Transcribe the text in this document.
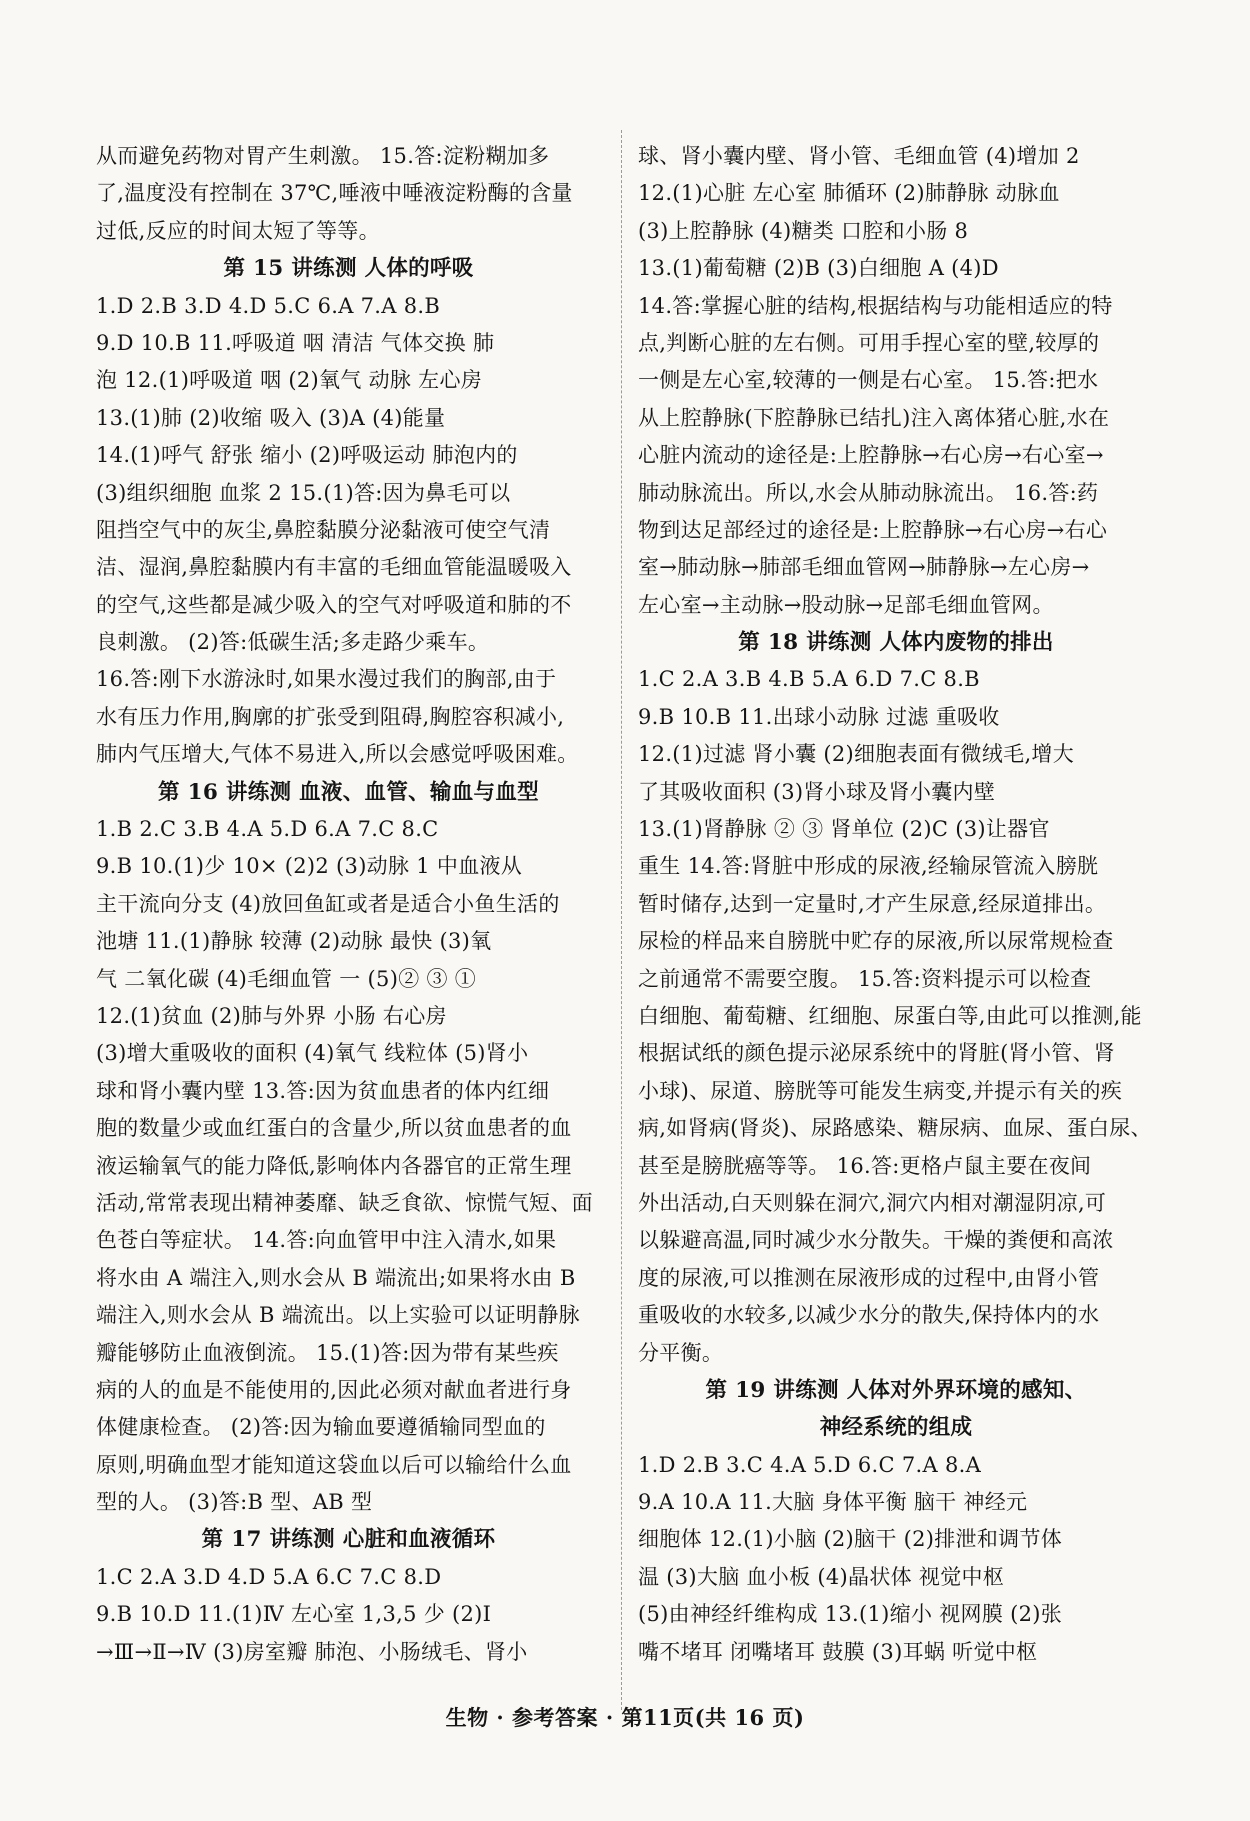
从而避免药物对胃产生刺激。 15.答:淀粉糊加多
了,温度没有控制在 37℃,唾液中唾液淀粉酶的含量
过低,反应的时间太短了等等。
第 15 讲练测 人体的呼吸
1.D 2.B 3.D 4.D 5.C 6.A 7.A 8.B
9.D 10.B 11.呼吸道 咽 清洁 气体交换 肺
泡 12.(1)呼吸道 咽 (2)氧气 动脉 左心房
13.(1)肺 (2)收缩 吸入 (3)A (4)能量
14.(1)呼气 舒张 缩小 (2)呼吸运动 肺泡内的
(3)组织细胞 血浆 2 15.(1)答:因为鼻毛可以
阻挡空气中的灰尘,鼻腔黏膜分泌黏液可使空气清
洁、湿润,鼻腔黏膜内有丰富的毛细血管能温暖吸入
的空气,这些都是减少吸入的空气对呼吸道和肺的不
良刺激。 (2)答:低碳生活;多走路少乘车。
16.答:刚下水游泳时,如果水漫过我们的胸部,由于
水有压力作用,胸廓的扩张受到阻碍,胸腔容积减小,
肺内气压增大,气体不易进入,所以会感觉呼吸困难。
第 16 讲练测 血液、血管、输血与血型
1.B 2.C 3.B 4.A 5.D 6.A 7.C 8.C
9.B 10.(1)少 10× (2)2 (3)动脉 1 中血液从
主干流向分支 (4)放回鱼缸或者是适合小鱼生活的
池塘 11.(1)静脉 较薄 (2)动脉 最快 (3)氧
气 二氧化碳 (4)毛细血管 一 (5)② ③ ①
12.(1)贫血 (2)肺与外界 小肠 右心房
(3)增大重吸收的面积 (4)氧气 线粒体 (5)肾小
球和肾小囊内壁 13.答:因为贫血患者的体内红细
胞的数量少或血红蛋白的含量少,所以贫血患者的血
液运输氧气的能力降低,影响体内各器官的正常生理
活动,常常表现出精神萎靡、缺乏食欲、惊慌气短、面
色苍白等症状。 14.答:向血管甲中注入清水,如果
将水由 A 端注入,则水会从 B 端流出;如果将水由 B
端注入,则水会从 B 端流出。以上实验可以证明静脉
瓣能够防止血液倒流。 15.(1)答:因为带有某些疾
病的人的血是不能使用的,因此必须对献血者进行身
体健康检查。 (2)答:因为输血要遵循输同型血的
原则,明确血型才能知道这袋血以后可以输给什么血
型的人。 (3)答:B 型、AB 型
第 17 讲练测 心脏和血液循环
1.C 2.A 3.D 4.D 5.A 6.C 7.C 8.D
9.B 10.D 11.(1)Ⅳ 左心室 1,3,5 少 (2)Ⅰ
→Ⅲ→Ⅱ→Ⅳ (3)房室瓣 肺泡、小肠绒毛、肾小
球、肾小囊内壁、肾小管、毛细血管 (4)增加 2
12.(1)心脏 左心室 肺循环 (2)肺静脉 动脉血
(3)上腔静脉 (4)糖类 口腔和小肠 8
13.(1)葡萄糖 (2)B (3)白细胞 A (4)D
14.答:掌握心脏的结构,根据结构与功能相适应的特
点,判断心脏的左右侧。可用手捏心室的壁,较厚的
一侧是左心室,较薄的一侧是右心室。 15.答:把水
从上腔静脉(下腔静脉已结扎)注入离体猪心脏,水在
心脏内流动的途径是:上腔静脉→右心房→右心室→
肺动脉流出。所以,水会从肺动脉流出。 16.答:药
物到达足部经过的途径是:上腔静脉→右心房→右心
室→肺动脉→肺部毛细血管网→肺静脉→左心房→
左心室→主动脉→股动脉→足部毛细血管网。
第 18 讲练测 人体内废物的排出
1.C 2.A 3.B 4.B 5.A 6.D 7.C 8.B
9.B 10.B 11.出球小动脉 过滤 重吸收
12.(1)过滤 肾小囊 (2)细胞表面有微绒毛,增大
了其吸收面积 (3)肾小球及肾小囊内壁
13.(1)肾静脉 ② ③ 肾单位 (2)C (3)让器官
重生 14.答:肾脏中形成的尿液,经输尿管流入膀胱
暂时储存,达到一定量时,才产生尿意,经尿道排出。
尿检的样品来自膀胱中贮存的尿液,所以尿常规检查
之前通常不需要空腹。 15.答:资料提示可以检查
白细胞、葡萄糖、红细胞、尿蛋白等,由此可以推测,能
根据试纸的颜色提示泌尿系统中的肾脏(肾小管、肾
小球)、尿道、膀胱等可能发生病变,并提示有关的疾
病,如肾病(肾炎)、尿路感染、糖尿病、血尿、蛋白尿、
甚至是膀胱癌等等。 16.答:更格卢鼠主要在夜间
外出活动,白天则躲在洞穴,洞穴内相对潮湿阴凉,可
以躲避高温,同时减少水分散失。干燥的粪便和高浓
度的尿液,可以推测在尿液形成的过程中,由肾小管
重吸收的水较多,以减少水分的散失,保持体内的水
分平衡。
第 19 讲练测 人体对外界环境的感知、
神经系统的组成
1.D 2.B 3.C 4.A 5.D 6.C 7.A 8.A
9.A 10.A 11.大脑 身体平衡 脑干 神经元
细胞体 12.(1)小脑 (2)脑干 (2)排泄和调节体
温 (3)大脑 血小板 (4)晶状体 视觉中枢
(5)由神经纤维构成 13.(1)缩小 视网膜 (2)张
嘴不堵耳 闭嘴堵耳 鼓膜 (3)耳蜗 听觉中枢
生物 · 参考答案 · 第11页(共 16 页)
